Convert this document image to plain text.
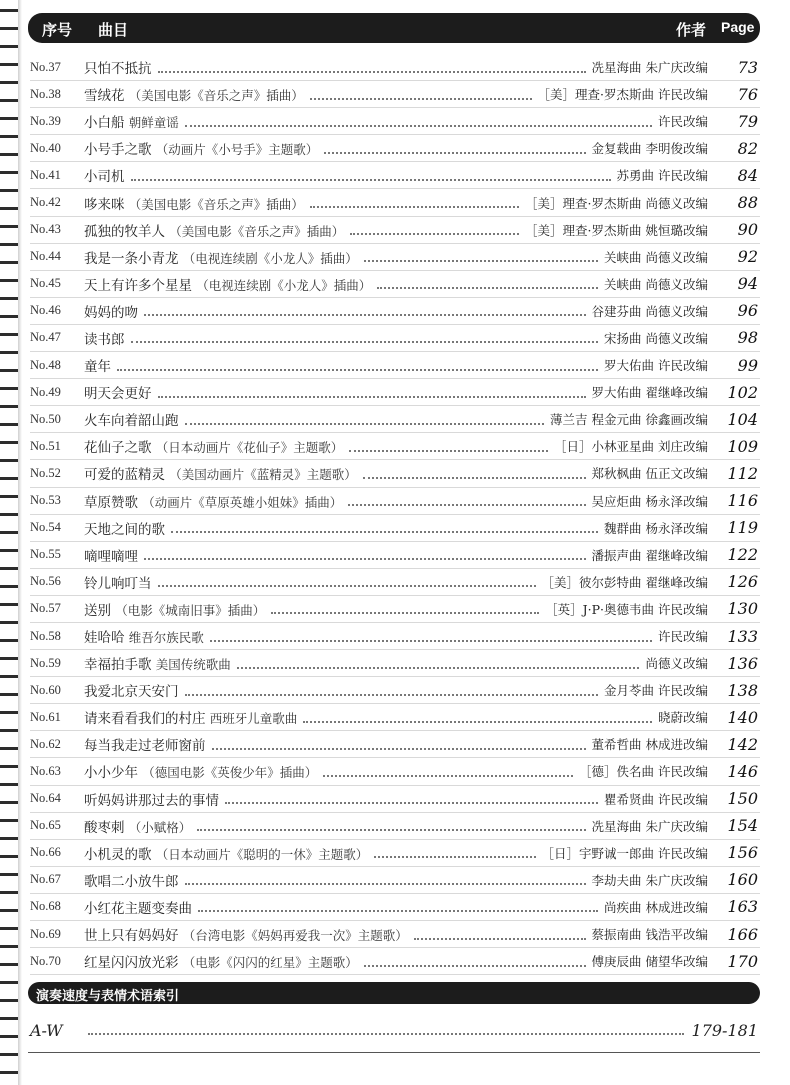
序号 曲目	作者 Page
No.37	只怕不抵抗	冼星海曲 朱广庆改编	73
No.38	雪绒花 （美国电影《音乐之声》插曲）	［美］理查·罗杰斯曲 许民改编	76
No.39	小白船 朝鲜童谣	许民改编	79
No.40	小号手之歌 （动画片《小号手》主题歌）	金复载曲 李明俊改编	82
No.41	小司机	苏勇曲 许民改编	84
No.42	哆来咪 （美国电影《音乐之声》插曲）	［美］理查·罗杰斯曲 尚德义改编	88
No.43	孤独的牧羊人 （美国电影《音乐之声》插曲）	［美］理查·罗杰斯曲 姚恒璐改编	90
No.44	我是一条小青龙 （电视连续剧《小龙人》插曲）	关峡曲 尚德义改编	92
No.45	天上有许多个星星 （电视连续剧《小龙人》插曲）	关峡曲 尚德义改编	94
No.46	妈妈的吻	谷建芬曲 尚德义改编	96
No.47	读书郎	宋扬曲 尚德义改编	98
No.48	童年	罗大佑曲 许民改编	99
No.49	明天会更好	罗大佑曲 翟继峰改编	102
No.50	火车向着韶山跑	薄兰吉 程金元曲 徐鑫画改编	104
No.51	花仙子之歌 （日本动画片《花仙子》主题歌）	［日］小林亚星曲 刘庄改编	109
No.52	可爱的蓝精灵 （美国动画片《蓝精灵》主题歌）	郑秋枫曲 伍正文改编	112
No.53	草原赞歌 （动画片《草原英雄小姐妹》插曲）	吴应炬曲 杨永泽改编	116
No.54	天地之间的歌	魏群曲 杨永泽改编	119
No.55	嘀哩嘀哩	潘振声曲 翟继峰改编	122
No.56	铃儿响叮当	［美］彼尔彭特曲 翟继峰改编	126
No.57	送别 （电影《城南旧事》插曲）	［英］J·P·奥德韦曲 许民改编	130
No.58	娃哈哈 维吾尔族民歌	许民改编	133
No.59	幸福拍手歌 美国传统歌曲	尚德义改编	136
No.60	我爱北京天安门	金月苓曲 许民改编	138
No.61	请来看看我们的村庄 西班牙儿童歌曲	晓蔚改编	140
No.62	每当我走过老师窗前	董希哲曲 林成进改编	142
No.63	小小少年 （德国电影《英俊少年》插曲）	［德］佚名曲 许民改编	146
No.64	听妈妈讲那过去的事情	瞿希贤曲 许民改编	150
No.65	酸枣刺 （小赋格）	冼星海曲 朱广庆改编	154
No.66	小机灵的歌 （日本动画片《聪明的一休》主题歌）	［日］宇野诚一郎曲 许民改编	156
No.67	歌唱二小放牛郎	李劫夫曲 朱广庆改编	160
No.68	小红花主题变奏曲	尚疾曲 林成进改编	163
No.69	世上只有妈妈好 （台湾电影《妈妈再爱我一次》主题歌）	蔡振南曲 钱浩平改编	166
No.70	红星闪闪放光彩 （电影《闪闪的红星》主题歌）	傅庚辰曲 储望华改编	170
演奏速度与表情术语索引
A-W	179-181
